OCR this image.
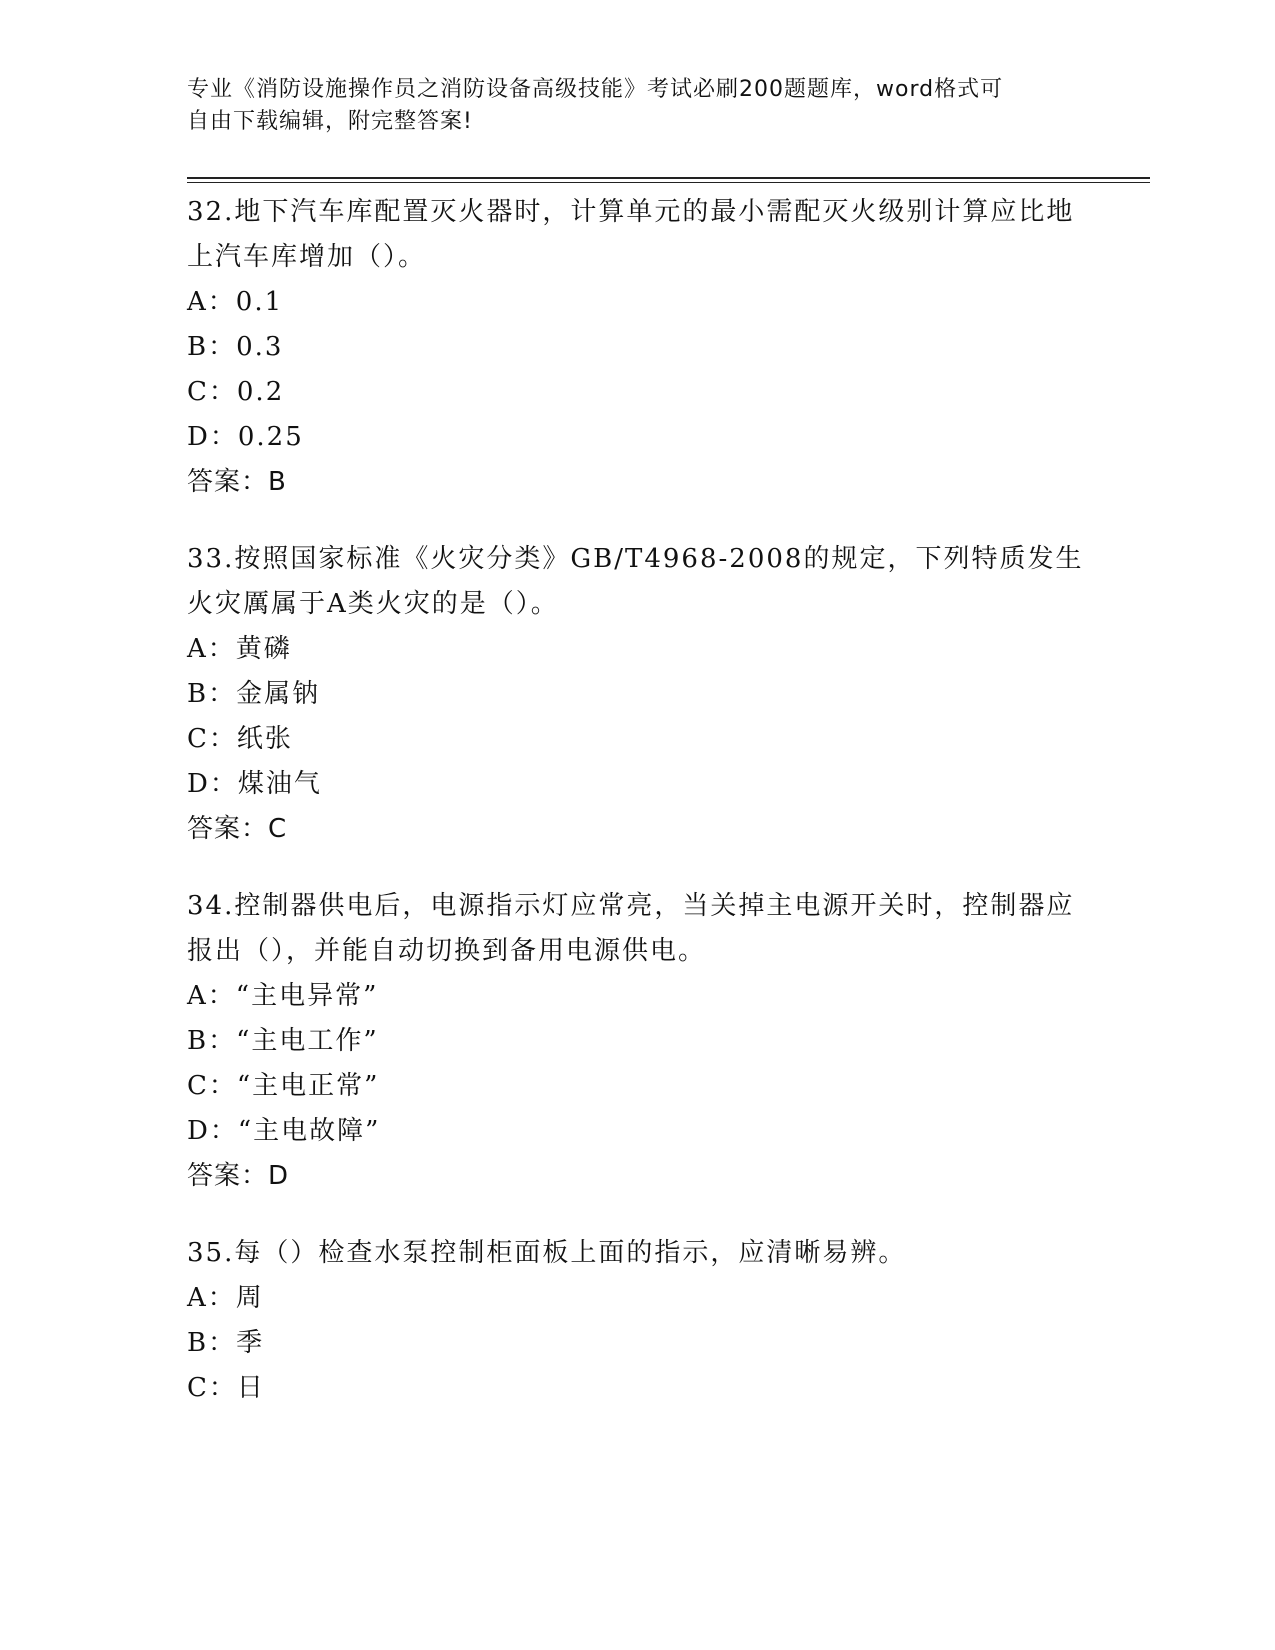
专业《消防设施操作员之消防设备高级技能》考试必刷200题题库，word格式可
自由下载编辑，附完整答案!

32.地下汽车库配置灭火器时，计算单元的最小需配灭火级别计算应比地上汽车库增加（）。

A：0.1

B：0.3

C：0.2

D：0.25

答案：B

33.按照国家标准《火灾分类》GB/T4968-2008的规定，下列特质发生火灾厲属于A类火灾的是（）。

A：黄磷

B：金属钠

C：纸张

D：煤油气

答案：C

34.控制器供电后，电源指示灯应常亮，当关掉主电源开关时，控制器应报出（），并能自动切换到备用电源供电。

A：“主电异常”

B：“主电工作”

C：“主电正常”

D：“主电故障”

答案：D

35.每（）检查水泵控制柜面板上面的指示，应清晰易辨。

A：周

B：季

C：日
